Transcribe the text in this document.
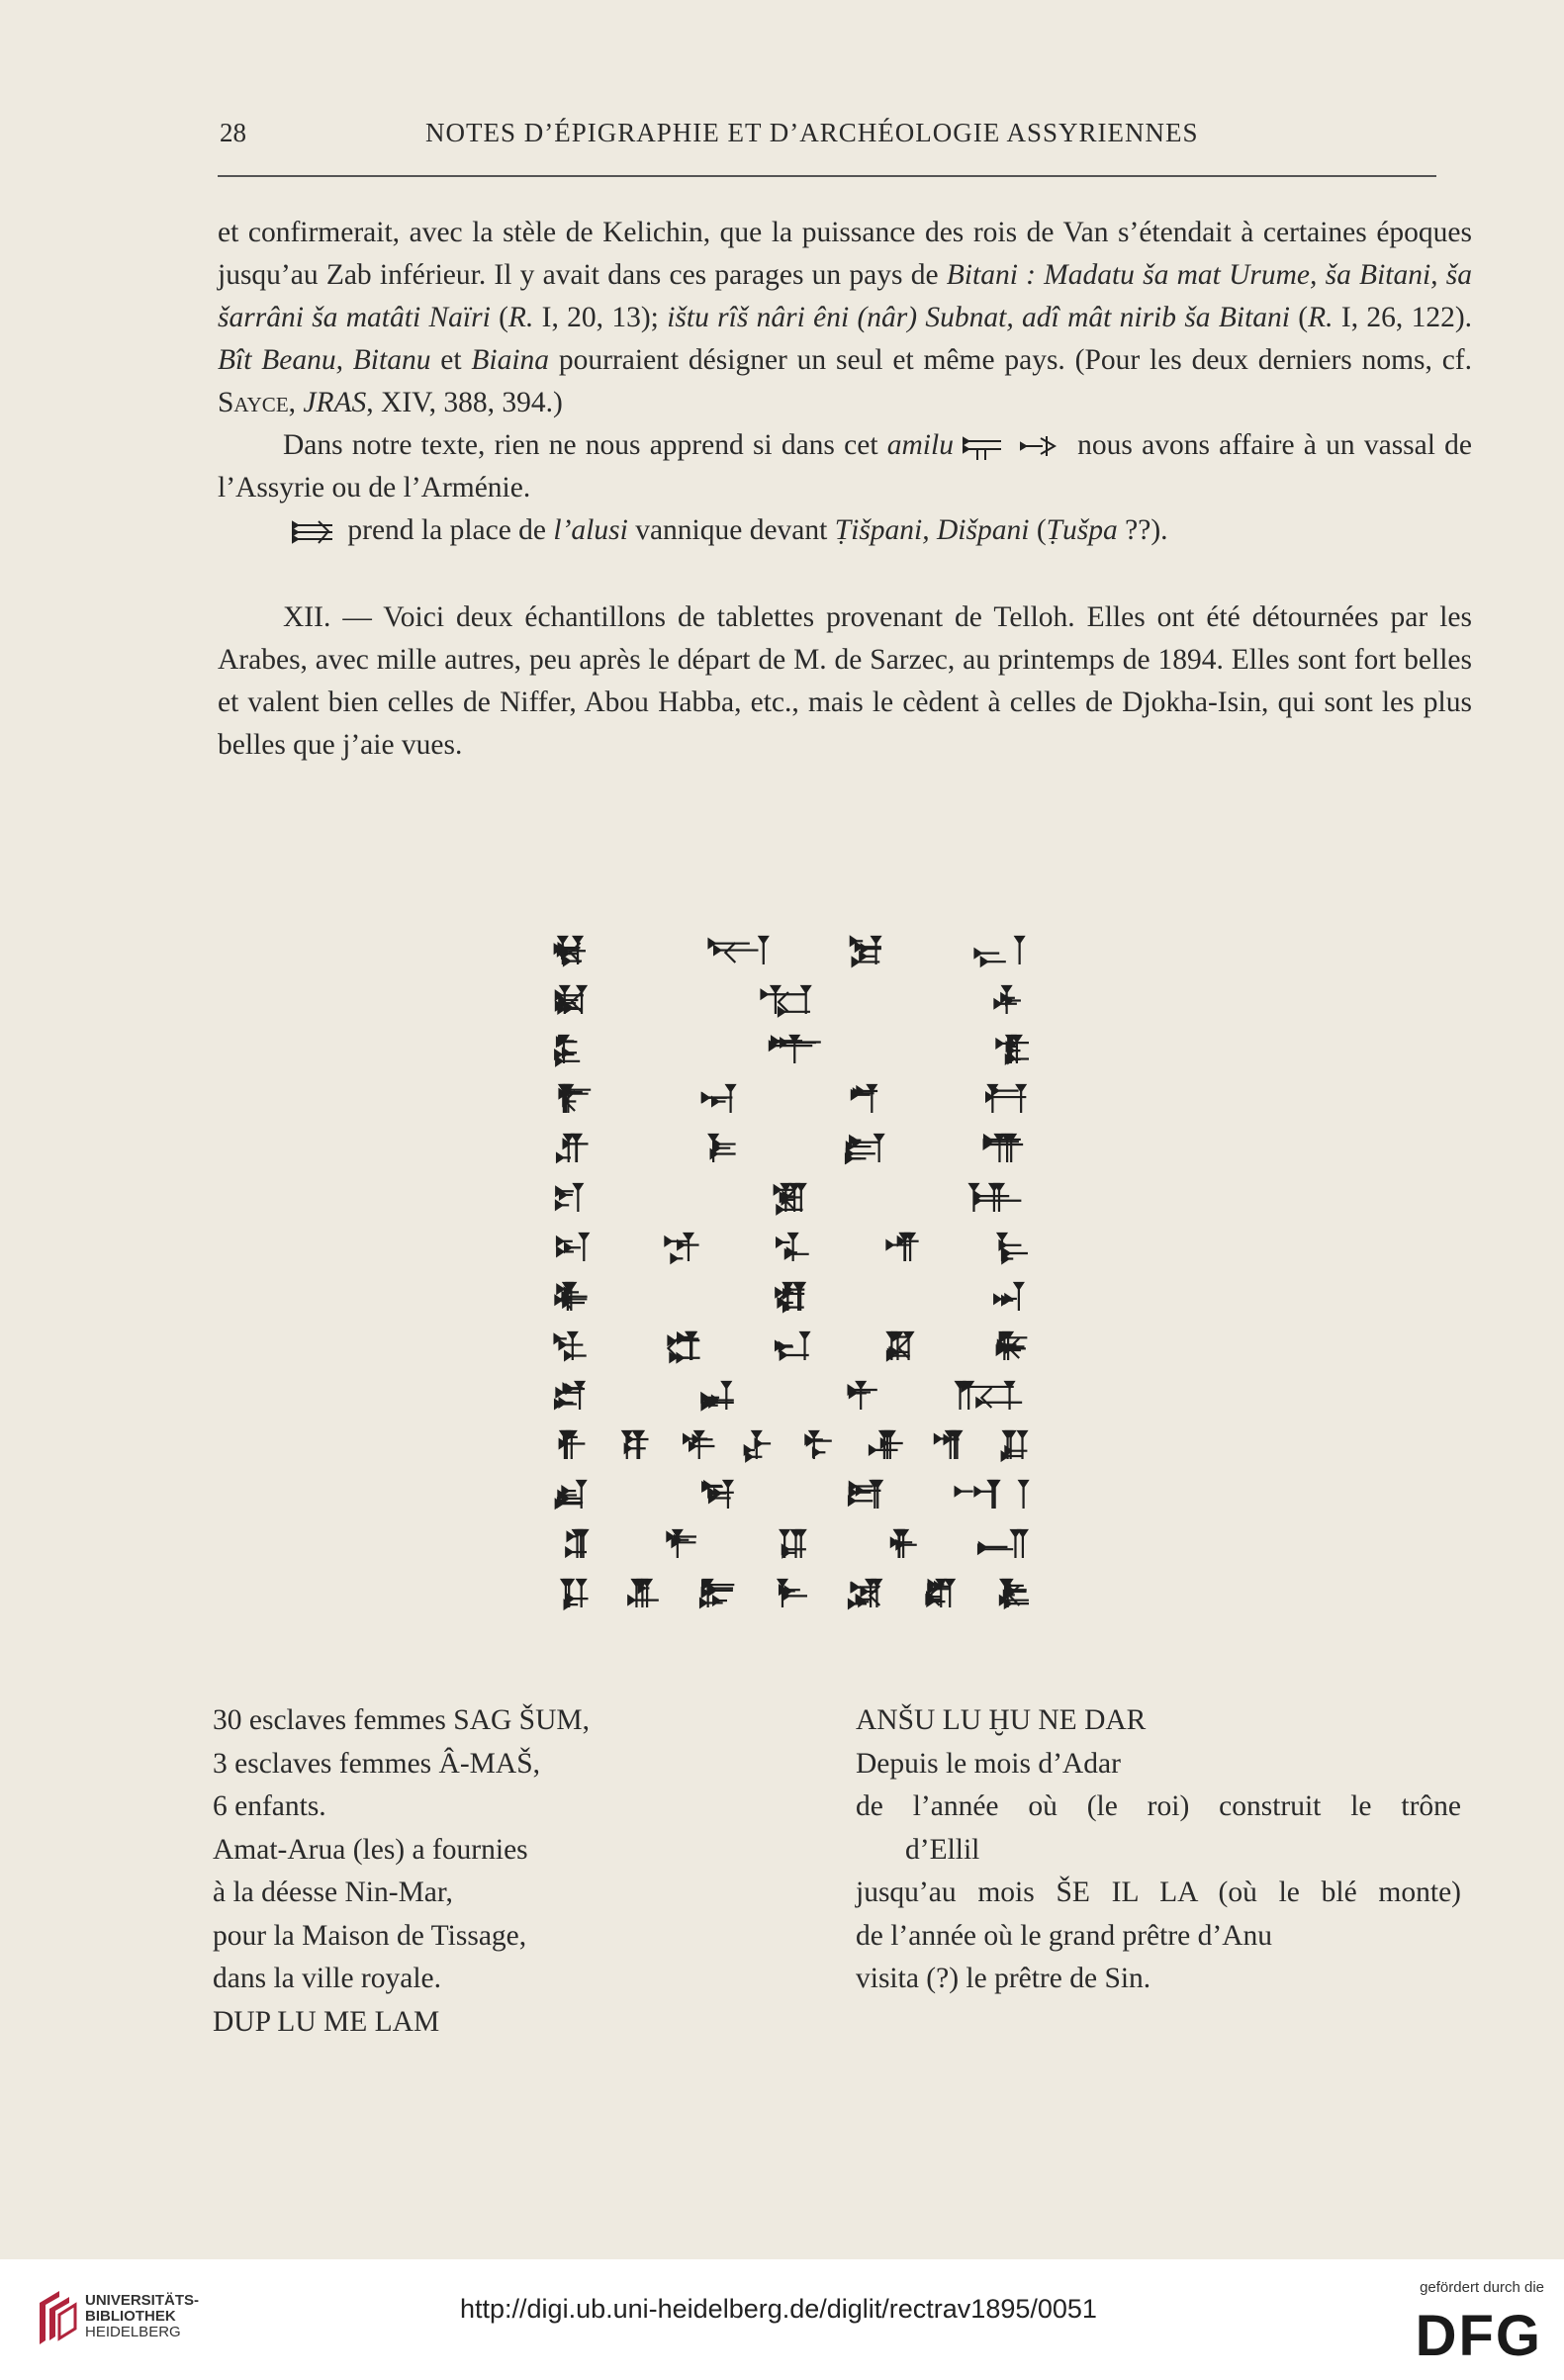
28	NOTES D’ÉPIGRAPHIE ET D’ARCHÉOLOGIE ASSYRIENNES

et confirmerait, avec la stèle de Kelichin, que la puissance des rois de Van s’étendait à certaines époques jusqu’au Zab inférieur. Il y avait dans ces parages un pays de Bitani : Madatu ša mat Urume, ša Bitani, ša šarrâni ša matâti Naïri (R. I, 20, 13); ištu rîš nâri êni (nâr) Subnat, adî mât nirib ša Bitani (R. I, 26, 122). Bît Beanu, Bitanu et Biaina pourraient désigner un seul et même pays. (Pour les deux derniers noms, cf. Sayce, JRAS, XIV, 388, 394.)

Dans notre texte, rien ne nous apprend si dans cet amilu	nous avons affaire à un vassal de l’Assyrie ou de l’Arménie.

prend la place de l’alusi vannique devant Ṭišpani, Dišpani (Ṭušpa ??).

XII. — Voici deux échantillons de tablettes provenant de Telloh. Elles ont été détournées par les Arabes, avec mille autres, peu après le départ de M. de Sarzec, au printemps de 1894. Elles sont fort belles et valent bien celles de Niffer, Abou Habba, etc., mais le cèdent à celles de Djokha-Isin, qui sont les plus belles que j’aie vues.

30 esclaves femmes SAG ŠUM,
3 esclaves femmes Â-MAŠ,
6 enfants.
Amat-Arua (les) a fournies
à la déesse Nin-Mar,
pour la Maison de Tissage,
dans la ville royale.
DUP LU ME LAM
ANŠU LU ḪU NE DAR
Depuis le mois d’Adar
de l’année où (le roi) construit le trône
d’Ellil
jusqu’au mois ŠE IL LA (où le blé monte)
de l’année où le grand prêtre d’Anu
visita (?) le prêtre de Sin.
UNIVERSITÄTS-
BIBLIOTHEK
HEIDELBERG
http://digi.ub.uni-heidelberg.de/diglit/rectrav1895/0051
gefördert durch die
DFG
